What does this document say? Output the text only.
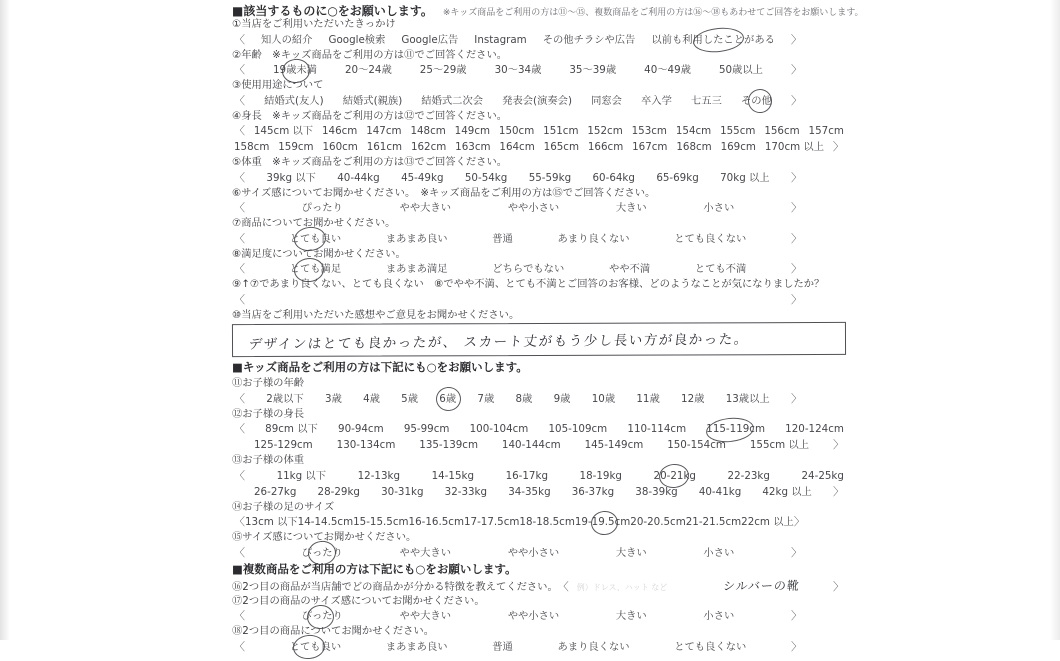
■該当するものに○をお願いします。 ※キッズ商品をご利用の方は⑪～⑮、複数商品をご利用の方は⑯～⑱もあわせてご回答をお願いします。
①当店をご利用いただいたきっかけ
〈 知人の紹介 Google検索 Google広告 Instagram その他チラシや広告 以前も利用したことがある 〉
②年齢　※キッズ商品をご利用の方は⑪でご回答ください。
〈	19歳未満	20～24歳	25～29歳	30～34歳	35～39歳	40～49歳	50歳以上	〉
③使用用途について
〈 結婚式(友人) 結婚式(親族) 結婚式二次会 発表会(演奏会) 同窓会 卒入学 七五三 その他 〉
④身長　※キッズ商品をご利用の方は⑫でご回答ください。
〈 145cm 以下 146cm 147cm 148cm 149cm 150cm 151cm 152cm 153cm 154cm 155cm 156cm 157cm
158cm 159cm 160cm 161cm 162cm 163cm 164cm 165cm 166cm 167cm 168cm 169cm 170cm 以上 〉
⑤体重　※キッズ商品をご利用の方は⑬でご回答ください。
〈 39kg 以下 40-44kg 45-49kg 50-54kg 55-59kg 60-64kg 65-69kg 70kg 以上 〉
⑥サイズ感についてお聞かせください。　※キッズ商品をご利用の方は⑮でご回答ください。
〈	ぴったり	やや大きい	やや小さい	大きい	小さい	〉
⑦商品についてお聞かせください。
〈	とても良い	まあまあ良い	普通	あまり良くない	とても良くない	〉
⑧満足度についてお聞かせください。
〈	とても満足	まあまあ満足	どちらでもない	やや不満	とても不満	〉
⑨↑⑦であまり良くない、とても良くない　⑧でやや不満、とても不満とご回答のお客様、どのようなことが気になりましたか？
〈	〉
⑩当店をご利用いただいた感想やご意見をお聞かせください。
デザインはとても良かったが、 スカート丈がもう少し長い方が良かった。
■キッズ商品をご利用の方は下記にも○をお願いします。
⑪お子様の年齢
〈 2歳以下 3歳 4歳 5歳 6歳 7歳 8歳 9歳 10歳 11歳 12歳 13歳以上 〉
⑫お子様の身長
〈 89cm 以下 90-94cm 95-99cm 100-104cm 105-109cm 110-114cm 115-119cm 120-124cm
125-129cm 130-134cm 135-139cm 140-144cm 145-149cm 150-154cm 155cm 以上 〉
⑬お子様の体重
〈	11kg 以下	12-13kg	14-15kg	16-17kg	18-19kg	20-21kg	22-23kg	24-25kg
26-27kg 28-29kg 30-31kg 32-33kg 34-35kg 36-37kg 38-39kg 40-41kg 42kg 以上 〉
⑭お子様の足のサイズ
〈 13cm 以下 14-14.5cm 15-15.5cm 16-16.5cm 17-17.5cm 18-18.5cm 19-19.5cm 20-20.5cm 21-21.5cm 22cm 以上 〉
⑮サイズ感についてお聞かせください。
〈	ぴったり	やや大きい	やや小さい	大きい	小さい	〉
■複数商品をご利用の方は下記にも○をお願いします。
⑯2つ目の商品が当店舗でどの商品かが分かる特徴を教えてください。 〈 例）ドレス、ハット など	シルバーの靴	〉
⑰2つ目の商品のサイズ感についてお聞かせください。
〈	ぴったり	やや大きい	やや小さい	大きい	小さい	〉
⑱2つ目の商品についてお聞かせください。
〈	とても良い	まあまあ良い	普通	あまり良くない	とても良くない	〉
